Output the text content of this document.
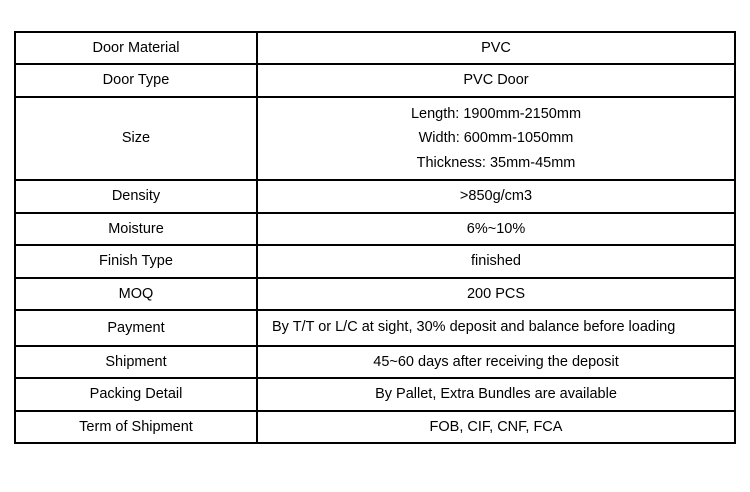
Door Material	PVC
Door Type	PVC Door
Size	Length: 1900mm-2150mm
Width: 600mm-1050mm
Thickness: 35mm-45mm

Density	>850g/cm3
Moisture	6%~10%
Finish Type	finished
MOQ	200 PCS
Payment	By T/T or L/C at sight, 30% deposit and balance before loading
Shipment	45~60 days after receiving the deposit
Packing Detail	By Pallet, Extra Bundles are available
Term of Shipment	FOB, CIF, CNF, FCA
